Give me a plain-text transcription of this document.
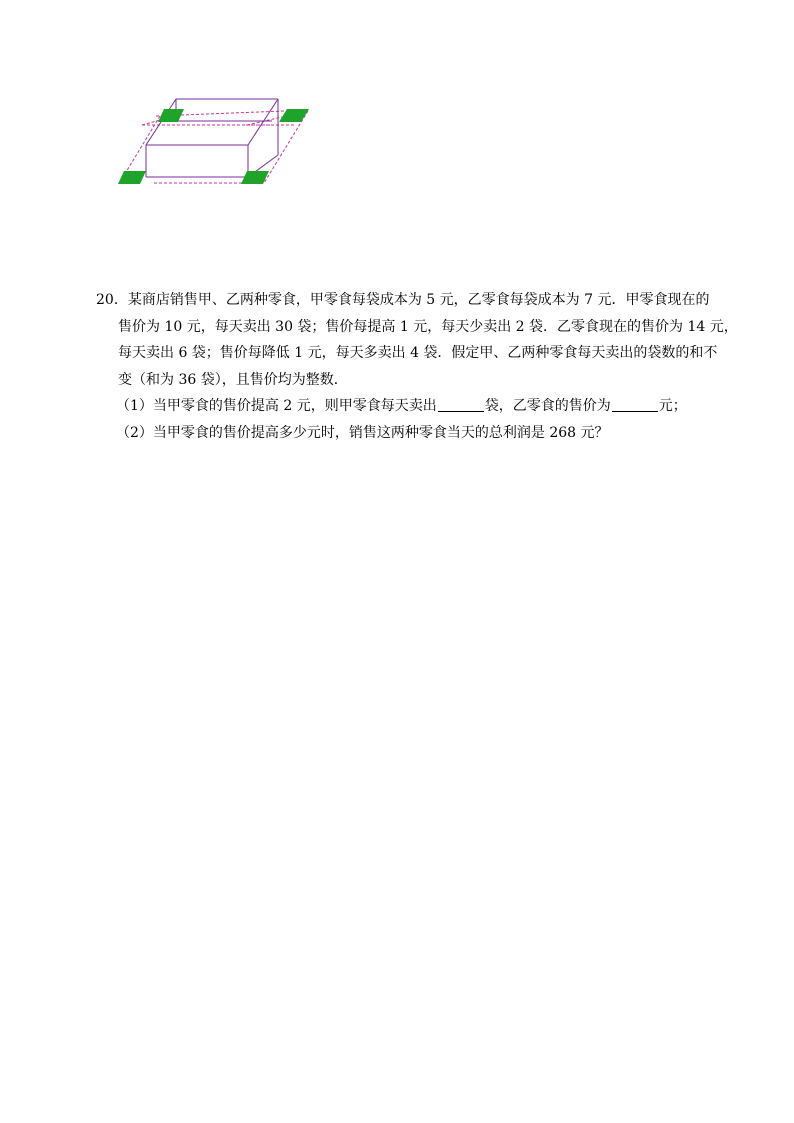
20．某商店销售甲、乙两种零食，甲零食每袋成本为 5 元，乙零食每袋成本为 7 元．甲零食现在的
售价为 10 元，每天卖出 30 袋；售价每提高 1 元，每天少卖出 2 袋．乙零食现在的售价为 14 元，
每天卖出 6 袋；售价每降低 1 元，每天多卖出 4 袋．假定甲、乙两种零食每天卖出的袋数的和不
变（和为 36 袋），且售价均为整数．
（1）当甲零食的售价提高 2 元，则甲零食每天卖出	袋，乙零食的售价为	元；
（2）当甲零食的售价提高多少元时，销售这两种零食当天的总利润是 268 元？
